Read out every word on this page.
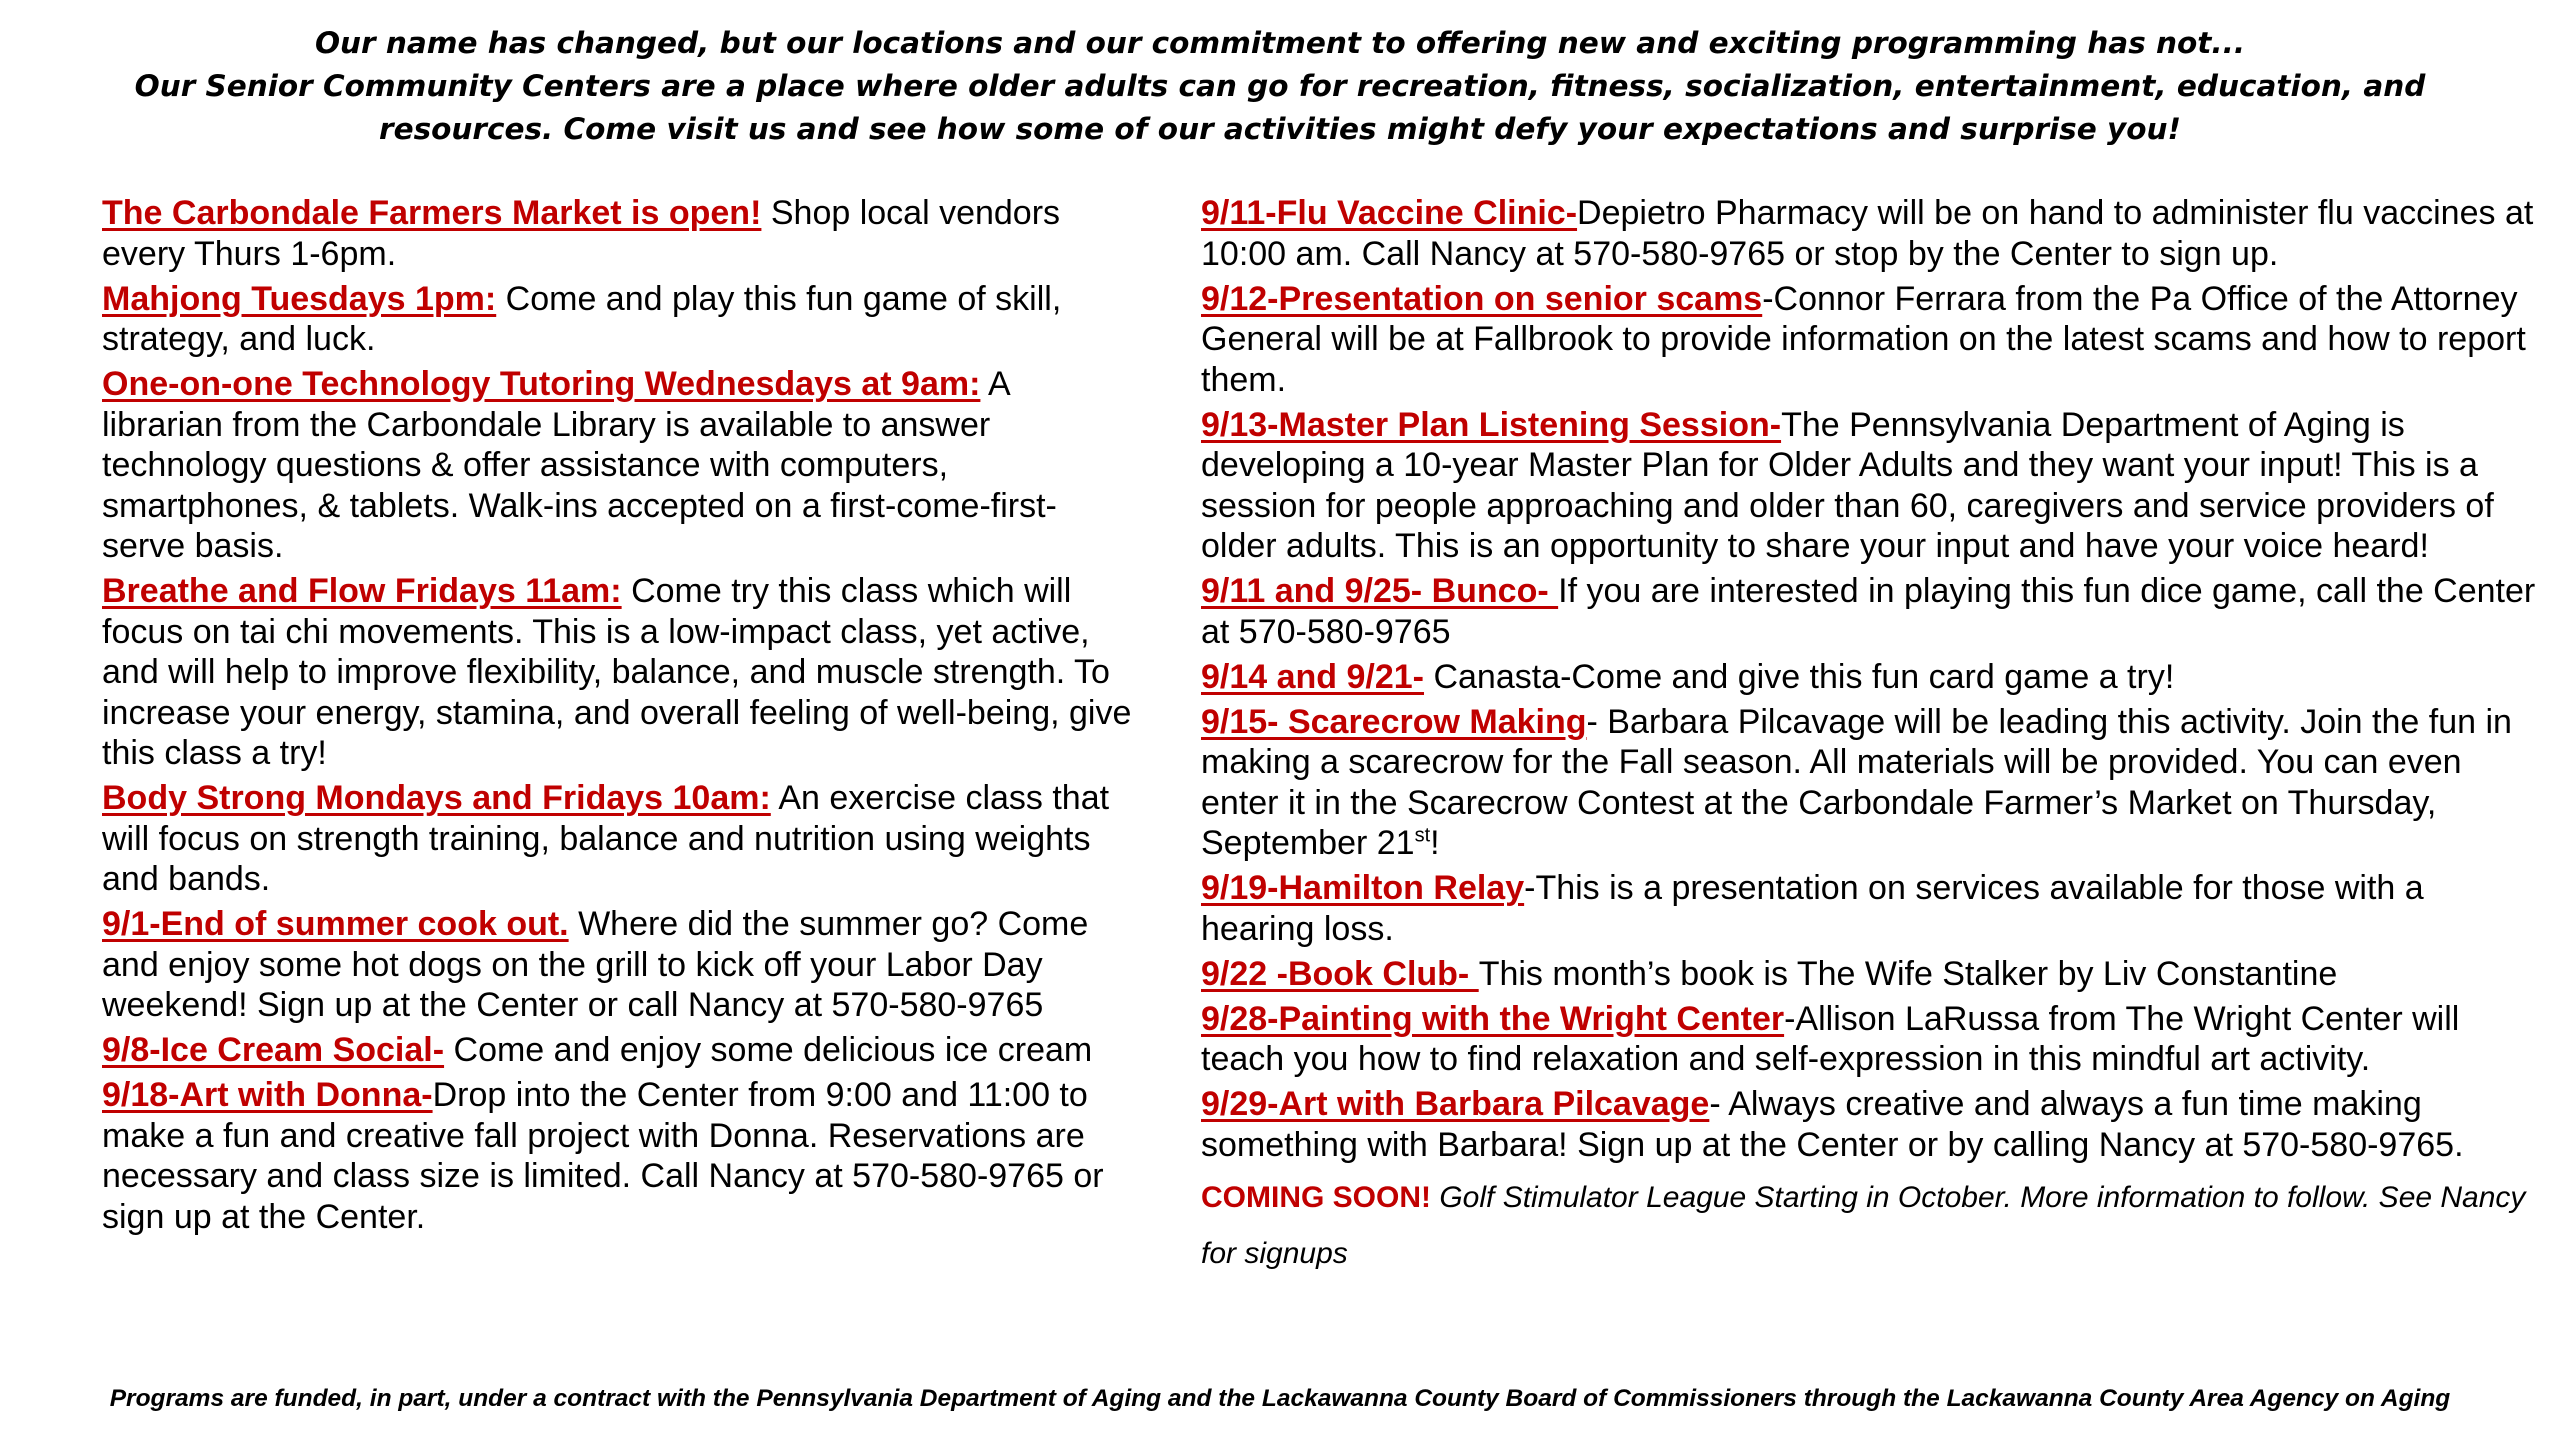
Our name has changed, but our locations and our commitment to offering new and exciting programming has not...

Our Senior Community Centers are a place where older adults can go for recreation, fitness, socialization, entertainment, education, and resources. Come visit us and see how some of our activities might defy your expectations and surprise you!

The Carbondale Farmers Market is open! Shop local vendors every Thurs 1-6pm.
Mahjong Tuesdays 1pm: Come and play this fun game of skill, strategy, and luck.
One-on-one Technology Tutoring Wednesdays at 9am: A librarian from the Carbondale Library is available to answer technology questions & offer assistance with computers, smartphones, & tablets. Walk-ins accepted on a first-come-first-serve basis.
Breathe and Flow Fridays 11am: Come try this class which will focus on tai chi movements. This is a low-impact class, yet active, and will help to improve flexibility, balance, and muscle strength. To increase your energy, stamina, and overall feeling of well-being, give this class a try!
Body Strong Mondays and Fridays 10am: An exercise class that will focus on strength training, balance and nutrition using weights and bands.
9/1-End of summer cook out. Where did the summer go? Come and enjoy some hot dogs on the grill to kick off your Labor Day weekend! Sign up at the Center or call Nancy at 570-580-9765
9/8-Ice Cream Social- Come and enjoy some delicious ice cream
9/18-Art with Donna-Drop into the Center from 9:00 and 11:00 to make a fun and creative fall project with Donna. Reservations are necessary and class size is limited. Call Nancy at 570-580-9765 or sign up at the Center.
9/11-Flu Vaccine Clinic-Depietro Pharmacy will be on hand to administer flu vaccines at 10:00 am. Call Nancy at 570-580-9765 or stop by the Center to sign up.
9/12-Presentation on senior scams-Connor Ferrara from the Pa Office of the Attorney General will be at Fallbrook to provide information on the latest scams and how to report them.
9/13-Master Plan Listening Session-The Pennsylvania Department of Aging is developing a 10-year Master Plan for Older Adults and they want your input! This is a session for people approaching and older than 60, caregivers and service providers of older adults. This is an opportunity to share your input and have your voice heard!
9/11 and 9/25- Bunco- If you are interested in playing this fun dice game, call the Center at 570-580-9765
9/14 and 9/21- Canasta-Come and give this fun card game a try!
9/15- Scarecrow Making- Barbara Pilcavage will be leading this activity. Join the fun in making a scarecrow for the Fall season. All materials will be provided. You can even enter it in the Scarecrow Contest at the Carbondale Farmer’s Market on Thursday, September 21st!
9/19-Hamilton Relay-This is a presentation on services available for those with a hearing loss.
9/22 -Book Club- This month’s book is The Wife Stalker by Liv Constantine
9/28-Painting with the Wright Center-Allison LaRussa from The Wright Center will teach you how to find relaxation and self-expression in this mindful art activity.
9/29-Art with Barbara Pilcavage- Always creative and always a fun time making something with Barbara! Sign up at the Center or by calling Nancy at 570-580-9765.
COMING SOON! Golf Stimulator League Starting in October. More information to follow. See Nancy for signups
Programs are funded, in part, under a contract with the Pennsylvania Department of Aging and the Lackawanna County Board of Commissioners through the Lackawanna County Area Agency on Aging
